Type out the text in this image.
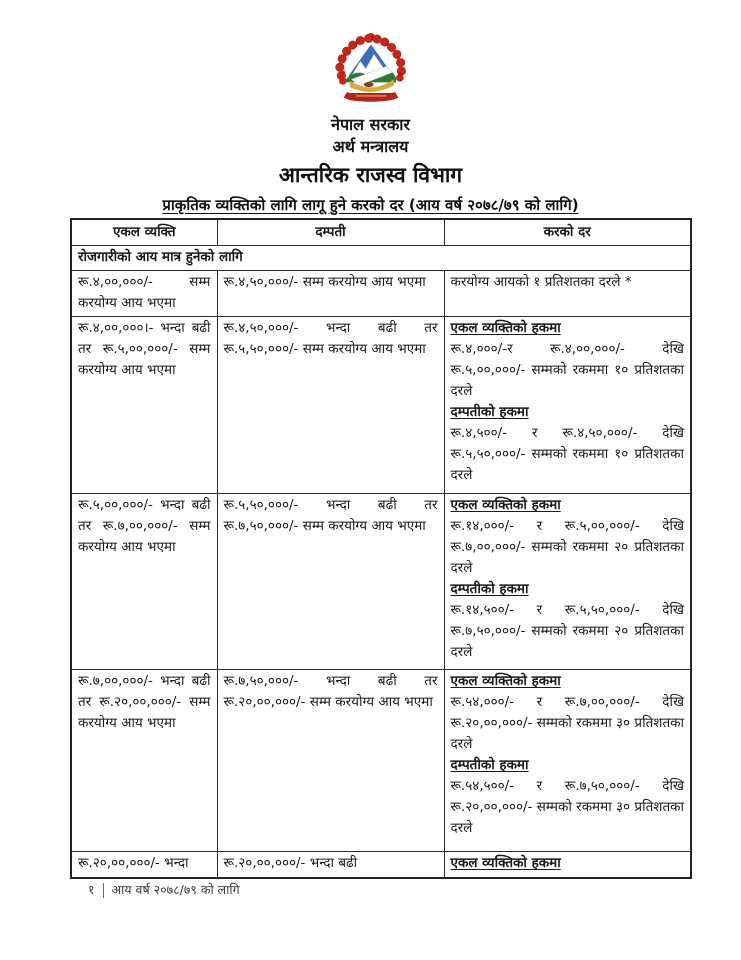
नेपाल सरकार
अर्थ मन्त्रालय
आन्तरिक राजस्व विभाग
प्राकृतिक व्यक्तिको लागि लागू हुने करको दर (आय वर्ष २०७८/७९ को लागि)
एकल व्यक्ति	दम्पती	करको दर
रोजगारीको आय मात्र हुनेको लागि		
रू.४,००,०००/- सम्म करयोग्य आय भएमा	रू.४,५०,०००/- सम्म करयोग्य आय भएमा	करयोग्य आयको १ प्रतिशतका दरले *

रू.४,००,०००।- भन्दा बढी तर रू.५,००,०००/- सम्म करयोग्य आय भएमा	रू.४,५०,०००/- भन्दा बढी तर रू.५,५०,०००/- सम्म करयोग्य आय भएमा	एकल व्यक्तिको हकमा
रू.४,०००/-र रू.४,००,०००/- देखि रू.५,००,०००/- सम्मको रकममा १० प्रतिशतका दरले
दम्पतीको हकमा
रू.४,५००/- र रू.४,५०,०००/- देखि रू.५,५०,०००/- सम्मको रकममा १० प्रतिशतका दरले

रू.५,००,०००/- भन्दा बढी तर रू.७,००,०००/- सम्म करयोग्य आय भएमा	रू.५,५०,०००/- भन्दा बढी तर रू.७,५०,०००/- सम्म करयोग्य आय भएमा	एकल व्यक्तिको हकमा
रू.१४,०००/- र रू.५,००,०००/- देखि रू.७,००,०००/- सम्मको रकममा २० प्रतिशतका दरले
दम्पतीको हकमा
रू.१४,५००/- र रू.५,५०,०००/- देखि रू.७,५०,०००/- सम्मको रकममा २० प्रतिशतका दरले

रू.७,००,०००/- भन्दा बढी तर रू.२०,००,०००/- सम्म करयोग्य आय भएमा	रू.७,५०,०००/- भन्दा बढी तर रू.२०,००,०००/- सम्म करयोग्य आय भएमा	एकल व्यक्तिको हकमा
रू.५४,०००/- र रू.७,००,०००/- देखि रू.२०,००,०००/- सम्मको रकममा ३० प्रतिशतका दरले
दम्पतीको हकमा
रू.५४,५००/- र रू.७,५०,०००/- देखि रू.२०,००,०००/- सम्मको रकममा ३० प्रतिशतका दरले

रू.२०,००,०००/- भन्दा	रू.२०,००,०००/- भन्दा बढी	एकल व्यक्तिको हकमा
१ आय वर्ष २०७८/७९ को लागि
